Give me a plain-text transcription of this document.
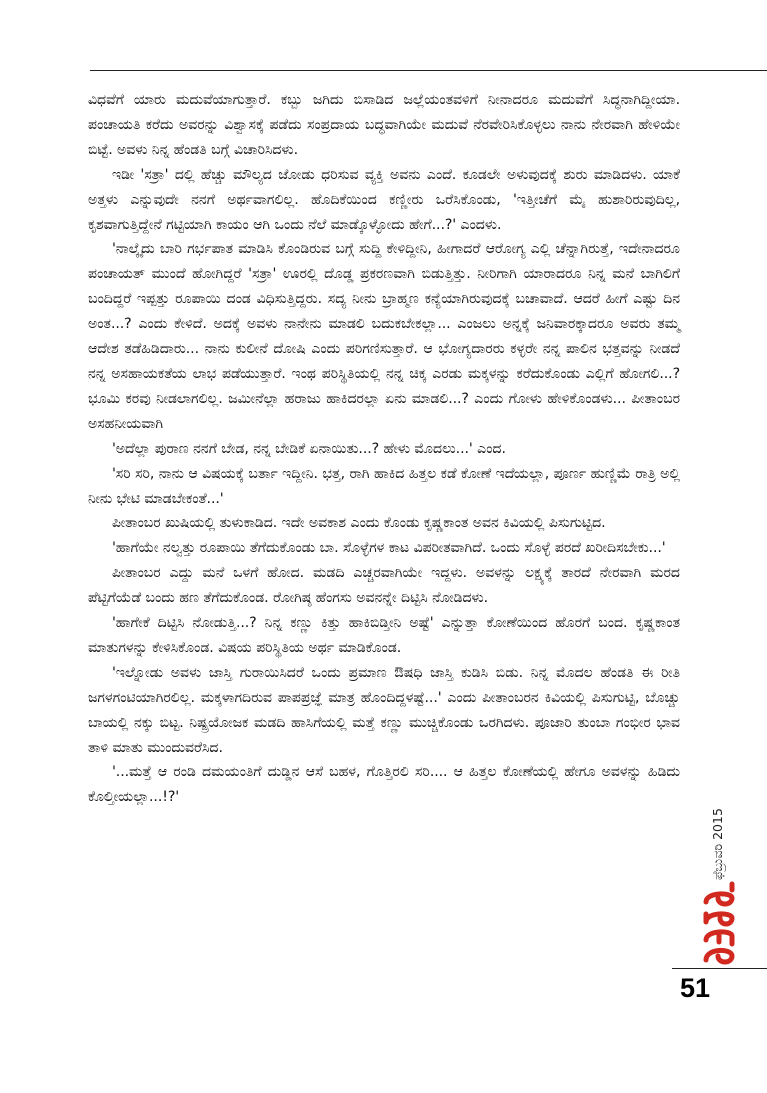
ವಿಧವೆಗೆ ಯಾರು ಮದುವೆಯಾಗುತ್ತಾರೆ. ಕಬ್ಬು ಜಗಿದು ಬಿಸಾಡಿದ ಜಲ್ಲೆಯಂತವಳಿಗೆ ನೀನಾದರೂ ಮದುವೆಗೆ ಸಿದ್ಧನಾಗಿದ್ದೀಯಾ. ಪಂಚಾಯತಿ ಕರೆದು ಅವರನ್ನು ವಿಶ್ವಾಸಕ್ಕೆ ಪಡೆದು ಸಂಪ್ರದಾಯ ಬದ್ಧವಾಗಿಯೇ ಮದುವೆ ನೆರವೇರಿಸಿಕೊಳ್ಳಲು ನಾನು ನೇರವಾಗಿ ಹೇಳಿಯೇ ಬಿಟ್ಟೆ. ಅವಳು ನಿನ್ನ ಹೆಂಡತಿ ಬಗ್ಗೆ ವಿಚಾರಿಸಿದಳು.

ಇಡೀ 'ಸತ್ರಾ' ದಲ್ಲಿ ಹೆಚ್ಚು ಮೌಲ್ಯದ ಜೋಡು ಧರಿಸುವ ವ್ಯಕ್ತಿ ಅವನು ಎಂದೆ. ಕೂಡಲೇ ಅಳುವುದಕ್ಕೆ ಶುರು ಮಾಡಿದಳು. ಯಾಕೆ ಅತ್ತಳು ಎನ್ನುವುದೇ ನನಗೆ ಅರ್ಥವಾಗಲಿಲ್ಲ. ಹೊದಿಕೆಯಿಂದ ಕಣ್ಣೀರು ಒರೆಸಿಕೊಂಡು, 'ಇತ್ತೀಚೆಗೆ ಮೈ ಹುಶಾರಿರುವುದಿಲ್ಲ, ಕೃಶವಾಗುತ್ತಿದ್ದೇನೆ ಗಟ್ಟಿಯಾಗಿ ಕಾಯಂ ಆಗಿ ಒಂದು ನೆಲೆ ಮಾಡ್ಕೊಳ್ಳೋದು ಹೇಗೆ...?' ಎಂದಳು.

'ನಾಲ್ಕೈದು ಬಾರಿ ಗರ್ಭಪಾತ ಮಾಡಿಸಿ ಕೊಂಡಿರುವ ಬಗ್ಗೆ ಸುದ್ದಿ ಕೇಳಿದ್ದೀನಿ, ಹೀಗಾದರೆ ಆರೋಗ್ಯ ಎಲ್ಲಿ ಚೆನ್ನಾಗಿರುತ್ತೆ, ಇದೇನಾದರೂ ಪಂಚಾಯತ್ ಮುಂದೆ ಹೋಗಿದ್ದರೆ 'ಸತ್ರಾ' ಊರಲ್ಲಿ ದೊಡ್ಡ ಪ್ರಕರಣವಾಗಿ ಬಿಡುತ್ತಿತ್ತು. ನೀರಿಗಾಗಿ ಯಾರಾದರೂ ನಿನ್ನ ಮನೆ ಬಾಗಿಲಿಗೆ ಬಂದಿದ್ದರೆ ಇಪ್ಪತ್ತು ರೂಪಾಯಿ ದಂಡ ವಿಧಿಸುತ್ತಿದ್ದರು. ಸದ್ಯ ನೀನು ಬ್ರಾಹ್ಮಣ ಕನ್ಯೆಯಾಗಿರುವುದಕ್ಕೆ ಬಚಾವಾದೆ. ಆದರೆ ಹೀಗೆ ಎಷ್ಟು ದಿನ ಅಂತ...? ಎಂದು ಕೇಳಿದೆ. ಅದಕ್ಕೆ ಅವಳು ನಾನೇನು ಮಾಡಲಿ ಬದುಕಬೇಕಲ್ಲಾ... ಎಂಜಲು ಅನ್ನಕ್ಕೆ ಜನಿವಾರಕ್ಕಾದರೂ ಅವರು ತಮ್ಮ ಆದೇಶ ತಡೆಹಿಡಿದಾರು... ನಾನು ಕುಲೀನೆ ದೋಷಿ ಎಂದು ಪರಿಗಣಿಸುತ್ತಾರೆ. ಆ ಭೋಗ್ಯದಾರರು ಕಳ್ಳರೇ ನನ್ನ ಪಾಲಿನ ಭತ್ತವನ್ನು ನೀಡದೆ ನನ್ನ ಅಸಹಾಯಕತೆಯ ಲಾಭ ಪಡೆಯುತ್ತಾರೆ. ಇಂಥ ಪರಿಸ್ಥಿತಿಯಲ್ಲಿ ನನ್ನ ಚಿಕ್ಕ ಎರಡು ಮಕ್ಕಳನ್ನು ಕರೆದುಕೊಂಡು ಎಲ್ಲಿಗೆ ಹೋಗಲಿ...? ಭೂಮಿ ಕರವು ನೀಡಲಾಗಲಿಲ್ಲ. ಜಮೀನೆಲ್ಲಾ ಹರಾಜು ಹಾಕಿದರಲ್ಲಾ ಏನು ಮಾಡಲಿ...? ಎಂದು ಗೋಳು ಹೇಳಿಕೊಂಡಳು... ಪೀತಾಂಬರ ಅಸಹನೀಯವಾಗಿ

'ಅದೆಲ್ಲಾ ಪುರಾಣ ನನಗೆ ಬೇಡ, ನನ್ನ ಬೇಡಿಕೆ ಏನಾಯಿತು...? ಹೇಳು ಮೊದಲು...' ಎಂದ.

'ಸರಿ ಸರಿ, ನಾನು ಆ ವಿಷಯಕ್ಕೆ ಬರ್ತಾ ಇದ್ದೀನಿ. ಭತ್ತ, ರಾಗಿ ಹಾಕಿದ ಹಿತ್ತಲ ಕಡೆ ಕೋಣೆ ಇದೆಯಲ್ಲಾ, ಪೂರ್ಣ ಹುಣ್ಣಿಮೆ ರಾತ್ರಿ ಅಲ್ಲಿ ನೀನು ಭೇಟಿ ಮಾಡಬೇಕಂತೆ...'

ಪೀತಾಂಬರ ಖುಷಿಯಲ್ಲಿ ತುಳುಕಾಡಿದ. ಇದೇ ಅವಕಾಶ ಎಂದು ಕೊಂಡು ಕೃಷ್ಣಕಾಂತ ಅವನ ಕಿವಿಯಲ್ಲಿ ಪಿಸುಗುಟ್ಟಿದ.

'ಹಾಗೆಯೇ ನಲ್ವತ್ತು ರೂಪಾಯಿ ತೆಗೆದುಕೊಂಡು ಬಾ. ಸೊಳ್ಳೆಗಳ ಕಾಟ ವಿಪರೀತವಾಗಿದೆ. ಒಂದು ಸೊಳ್ಳೆ ಪರದೆ ಖರೀದಿಸಬೇಕು...'

ಪೀತಾಂಬರ ಎದ್ದು ಮನೆ ಒಳಗೆ ಹೋದ. ಮಡದಿ ಎಚ್ಚರವಾಗಿಯೇ ಇದ್ದಳು. ಅವಳನ್ನು ಲಕ್ಷ್ಯಕ್ಕೆ ತಾರದೆ ನೇರವಾಗಿ ಮರದ ಪೆಟ್ಟಿಗೆಯೆಡೆ ಬಂದು ಹಣ ತೆಗೆದುಕೊಂಡ. ರೋಗಿಷ್ಠ ಹೆಂಗಸು ಅವನನ್ನೇ ದಿಟ್ಟಿಸಿ ನೋಡಿದಳು.

'ಹಾಗೇಕೆ ದಿಟ್ಟಿಸಿ ನೋಡುತ್ತಿ...? ನಿನ್ನ ಕಣ್ಣು ಕಿತ್ತು ಹಾಕಿಬಿಡ್ತೀನಿ ಅಷ್ಟೆ' ಎನ್ನುತ್ತಾ ಕೋಣೆಯಿಂದ ಹೊರಗೆ ಬಂದ. ಕೃಷ್ಣಕಾಂತ ಮಾತುಗಳನ್ನು ಕೇಳಿಸಿಕೊಂಡ. ವಿಷಯ ಪರಿಸ್ಥಿತಿಯ ಅರ್ಥ ಮಾಡಿಕೊಂಡ.

'ಇಲ್ನೋಡು ಅವಳು ಜಾಸ್ತಿ ಗುರಾಯಿಸಿದರೆ ಒಂದು ಪ್ರಮಾಣ ಔಷಧಿ ಜಾಸ್ತಿ ಕುಡಿಸಿ ಬಿಡು. ನಿನ್ನ ಮೊದಲ ಹೆಂಡತಿ ಈ ರೀತಿ ಜಗಳಗಂಟಿಯಾಗಿರಲಿಲ್ಲ. ಮಕ್ಕಳಾಗದಿರುವ ಪಾಪಪ್ರಜ್ಞೆ ಮಾತ್ರ ಹೊಂದಿದ್ದಳಷ್ಟೆ...' ಎಂದು ಪೀತಾಂಬರನ ಕಿವಿಯಲ್ಲಿ ಪಿಸುಗುಟ್ಟಿ, ಬೊಚ್ಚು ಬಾಯಲ್ಲಿ ನಕ್ಕು ಬಿಟ್ಟ. ನಿಷ್ಪ್ರಯೋಜಕ ಮಡದಿ ಹಾಸಿಗೆಯಲ್ಲಿ ಮತ್ತೆ ಕಣ್ಣು ಮುಚ್ಚಿಕೊಂಡು ಒರಗಿದಳು. ಪೂಜಾರಿ ತುಂಬಾ ಗಂಭೀರ ಭಾವ ತಾಳಿ ಮಾತು ಮುಂದುವರೆಸಿದ.

'...ಮತ್ತೆ ಆ ರಂಡಿ ದಮಯಂತಿಗೆ ದುಡ್ಡಿನ ಆಸೆ ಬಹಳ, ಗೊತ್ತಿರಲಿ ಸರಿ.... ಆ ಹಿತ್ತಲ ಕೋಣೆಯಲ್ಲಿ ಹೇಗೂ ಅವಳನ್ನು ಹಿಡಿದು ಕೊಲ್ತೀಯಲ್ಲಾ...!?'

ಫೆಬ್ರುವರಿ 2015
51
